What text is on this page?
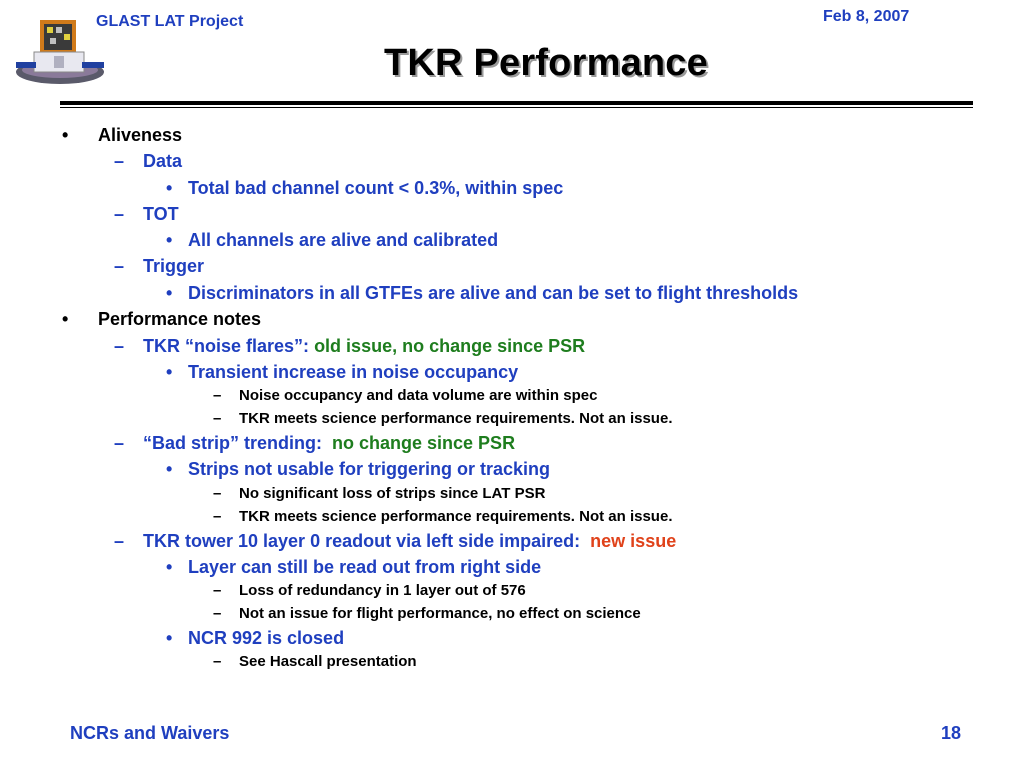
GLAST LAT Project	Feb 8, 2007
TKR Performance
• Aliveness
– Data
• Total bad channel count < 0.3%, within spec
– TOT
• All channels are alive and calibrated
– Trigger
• Discriminators in all GTFEs are alive and can be set to flight thresholds
• Performance notes
– TKR “noise flares”: old issue, no change since PSR
• Transient increase in noise occupancy
– Noise occupancy and data volume are within spec
– TKR meets science performance requirements. Not an issue.
– “Bad strip” trending: no change since PSR
• Strips not usable for triggering or tracking
– No significant loss of strips since LAT PSR
– TKR meets science performance requirements. Not an issue.
– TKR tower 10 layer 0 readout via left side impaired: new issue
• Layer can still be read out from right side
– Loss of redundancy in 1 layer out of 576
– Not an issue for flight performance, no effect on science
• NCR 992 is closed
– See Hascall presentation
NCRs and Waivers	18
